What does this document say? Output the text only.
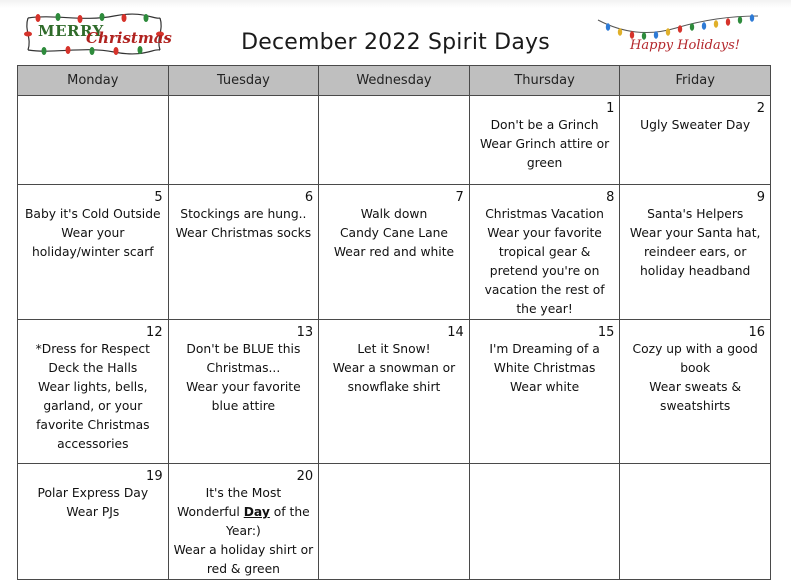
MERRY
Christmas	December 2022 Spirit Days	Happy Holidays!
Monday	Tuesday	Wednesday	Thursday	Friday

			1
Don't be a Grinch
Wear Grinch attire or green	2
Ugly Sweater Day

5
Baby it's Cold Outside
Wear your holiday/winter scarf	6
Stockings are hung..
Wear Christmas socks	7
Walk down
Candy Cane Lane
Wear red and white	8
Christmas Vacation
Wear your favorite tropical gear & pretend you're on vacation the rest of the year!	9
Santa's Helpers
Wear your Santa hat, reindeer ears, or holiday headband

12
*Dress for Respect
Deck the Halls
Wear lights, bells, garland, or your favorite Christmas accessories	13
Don't be BLUE this Christmas...
Wear your favorite blue attire	14
Let it Snow!
Wear a snowman or snowflake shirt	15
I'm Dreaming of a White Christmas
Wear white	16
Cozy up with a good book
Wear sweats & sweatshirts

19
Polar Express Day
Wear PJs	20
It's the Most Wonderful Day of the Year:)
Wear a holiday shirt or red & green			
